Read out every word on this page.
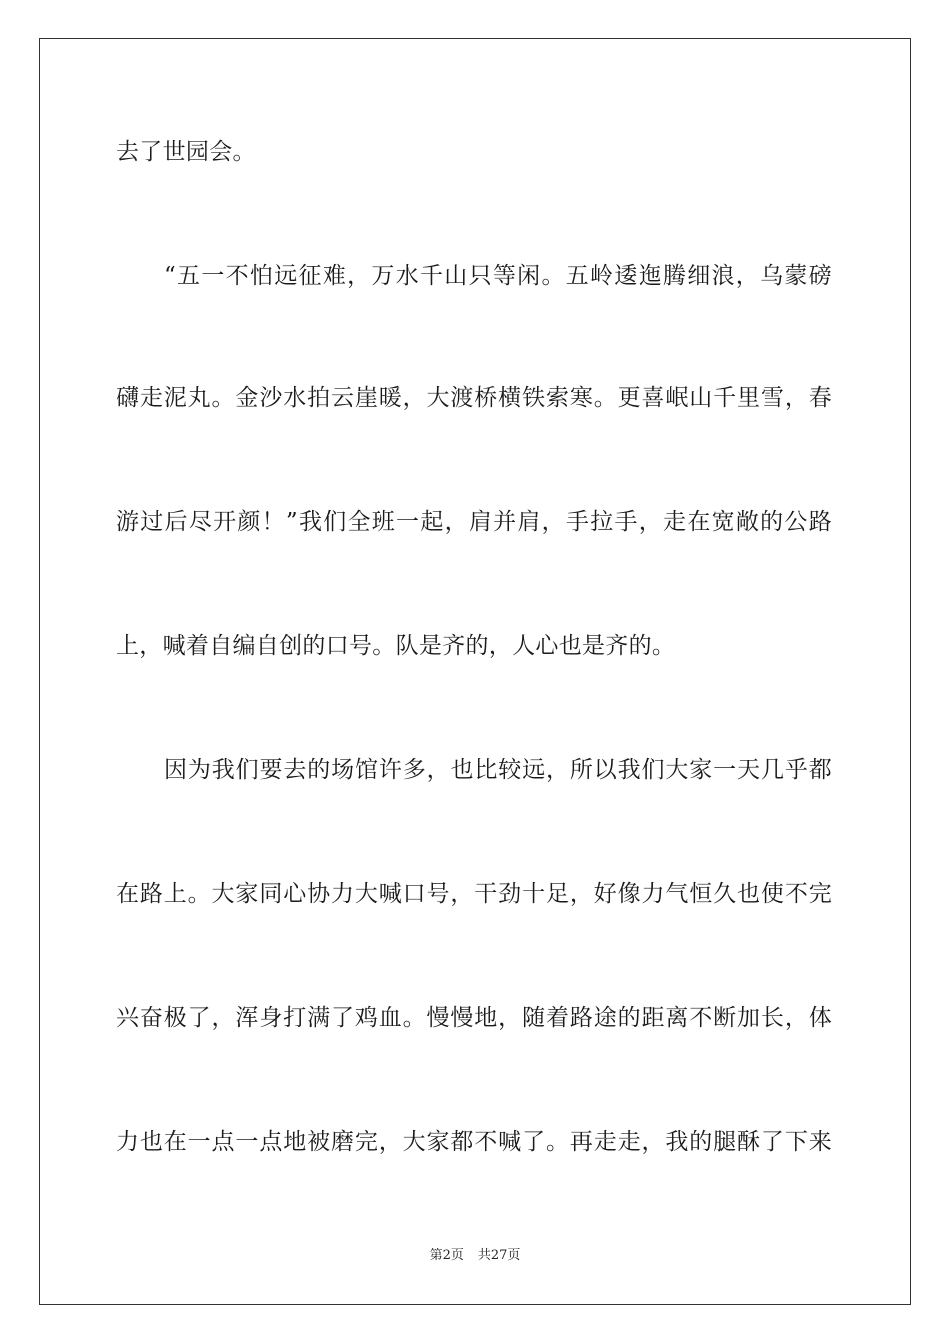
去了世园会。
“五一不怕远征难，万水千山只等闲。五岭逶迤腾细浪，乌蒙磅
礴走泥丸。金沙水拍云崖暖，大渡桥横铁索寒。更喜岷山千里雪，春
游过后尽开颜！”我们全班一起，肩并肩，手拉手，走在宽敞的公路
上，喊着自编自创的口号。队是齐的，人心也是齐的。
因为我们要去的场馆许多，也比较远，所以我们大家一天几乎都
在路上。大家同心协力大喊口号，干劲十足，好像力气恒久也使不完
兴奋极了，浑身打满了鸡血。慢慢地，随着路途的距离不断加长，体
力也在一点一点地被磨完，大家都不喊了。再走走，我的腿酥了下来
第2页 共27页
